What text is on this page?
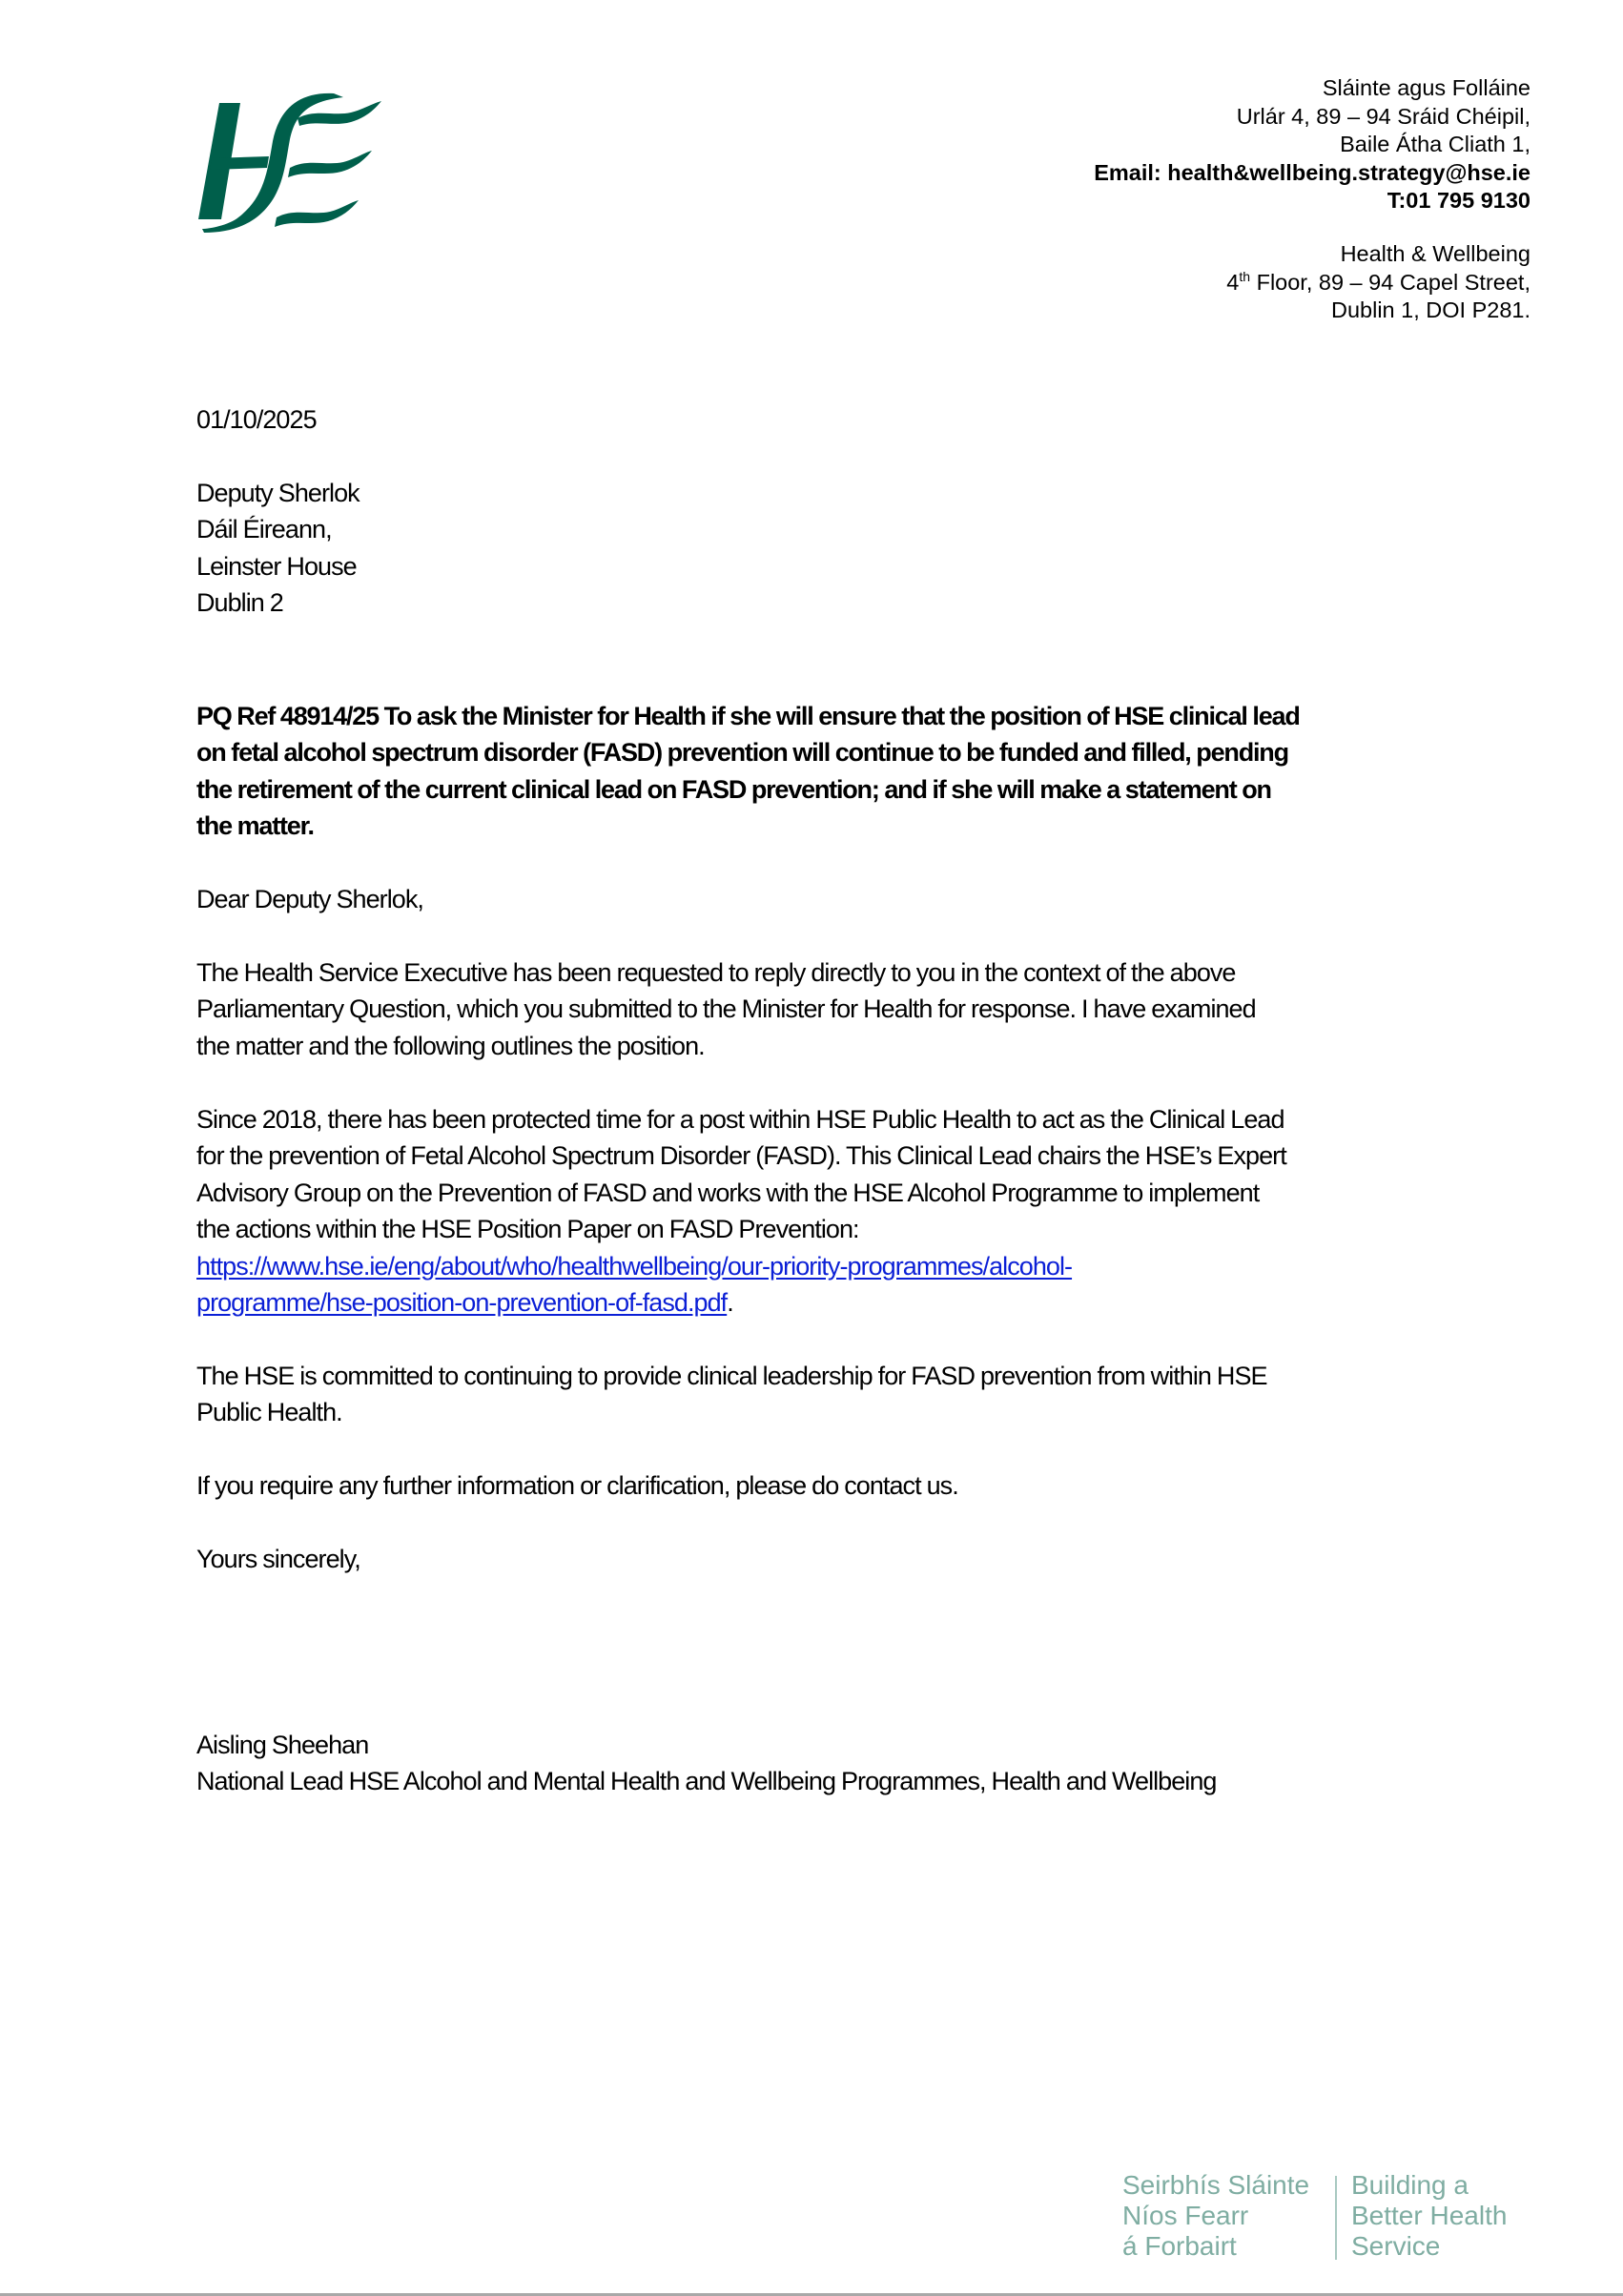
Sláinte agus Folláine
Urlár 4, 89 – 94 Sráid Chéipil,
Baile Átha Cliath 1,
Email: health&wellbeing.strategy@hse.ie
T:01 795 9130
Health & Wellbeing
4th Floor, 89 – 94 Capel Street,
Dublin 1, DOI P281.
01/10/2025
Deputy Sherlok
Dáil Éireann,
Leinster House
Dublin 2
PQ Ref 48914/25 To ask the Minister for Health if she will ensure that the position of HSE clinical lead
on fetal alcohol spectrum disorder (FASD) prevention will continue to be funded and filled, pending
the retirement of the current clinical lead on FASD prevention; and if she will make a statement on
the matter.
Dear Deputy Sherlok,
The Health Service Executive has been requested to reply directly to you in the context of the above
Parliamentary Question, which you submitted to the Minister for Health for response. I have examined
the matter and the following outlines the position.
Since 2018, there has been protected time for a post within HSE Public Health to act as the Clinical Lead
for the prevention of Fetal Alcohol Spectrum Disorder (FASD). This Clinical Lead chairs the HSE’s Expert
Advisory Group on the Prevention of FASD and works with the HSE Alcohol Programme to implement
the actions within the HSE Position Paper on FASD Prevention:
https://www.hse.ie/eng/about/who/healthwellbeing/our-priority-programmes/alcohol-
programme/hse-position-on-prevention-of-fasd.pdf.
The HSE is committed to continuing to provide clinical leadership for FASD prevention from within HSE
Public Health.
If you require any further information or clarification, please do contact us.
Yours sincerely,
Aisling Sheehan
National Lead HSE Alcohol and Mental Health and Wellbeing Programmes, Health and Wellbeing
Seirbhís Sláinte
Níos Fearr
á Forbairt
Building a
Better Health
Service
